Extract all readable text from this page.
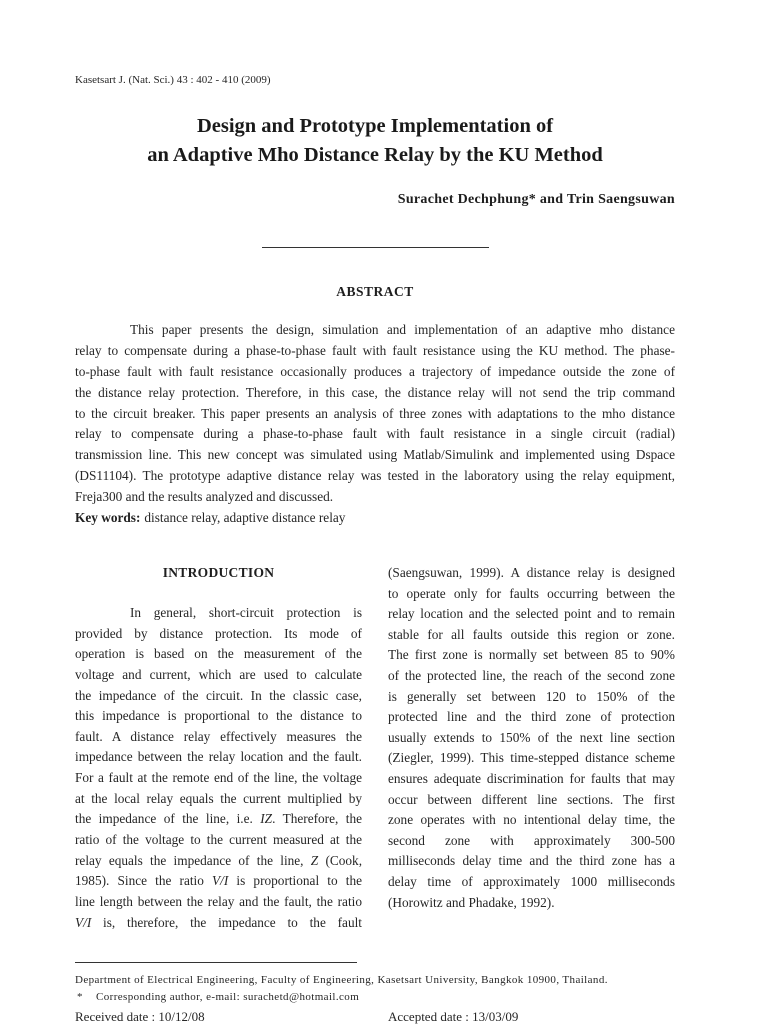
Kasetsart J. (Nat. Sci.) 43 : 402 - 410 (2009)
Design and Prototype Implementation of
an Adaptive Mho Distance Relay by the KU Method
Surachet Dechphung* and Trin Saengsuwan
ABSTRACT
This paper presents the design, simulation and implementation of an adaptive mho distance
relay to compensate during a phase-to-phase fault with fault resistance using the KU method. The phase-
to-phase fault with fault resistance occasionally produces a trajectory of impedance outside the zone of
the distance relay protection. Therefore, in this case, the distance relay will not send the trip command
to the circuit breaker. This paper presents an analysis of three zones with adaptations to the mho distance
relay to compensate during a phase-to-phase fault with fault resistance in a single circuit (radial)
transmission line. This new concept was simulated using Matlab/Simulink and implemented using Dspace
(DS11104). The prototype adaptive distance relay was tested in the laboratory using the relay equipment,
Freja300 and the results analyzed and discussed.
Key words: distance relay, adaptive distance relay
INTRODUCTION
In general, short-circuit protection is
provided by distance protection. Its mode of
operation is based on the measurement of the
voltage and current, which are used to calculate
the impedance of the circuit. In the classic case,
this impedance is proportional to the distance to
fault. A distance relay effectively measures the
impedance between the relay location and the fault.
For a fault at the remote end of the line, the voltage
at the local relay equals the current multiplied by
the impedance of the line, i.e. IZ. Therefore, the
ratio of the voltage to the current measured at the
relay equals the impedance of the line, Z (Cook,
1985). Since the ratio V/I is proportional to the
line length between the relay and the fault, the ratio
V/I is, therefore, the impedance to the fault
(Saengsuwan, 1999). A distance relay is designed
to operate only for faults occurring between the
relay location and the selected point and to remain
stable for all faults outside this region or zone.
The first zone is normally set between 85 to 90%
of the protected line, the reach of the second zone
is generally set between 120 to 150% of the
protected line and the third zone of protection
usually extends to 150% of the next line section
(Ziegler, 1999). This time-stepped distance scheme
ensures adequate discrimination for faults that may
occur between different line sections. The first
zone operates with no intentional delay time, the
second zone with approximately 300-500
milliseconds delay time and the third zone has a
delay time of approximately 1000 milliseconds
(Horowitz and Phadake, 1992).
Department of Electrical Engineering, Faculty of Engineering, Kasetsart University, Bangkok 10900, Thailand.
* Corresponding author, e-mail: surachetd@hotmail.com
Received date : 10/12/08	Accepted date : 13/03/09
